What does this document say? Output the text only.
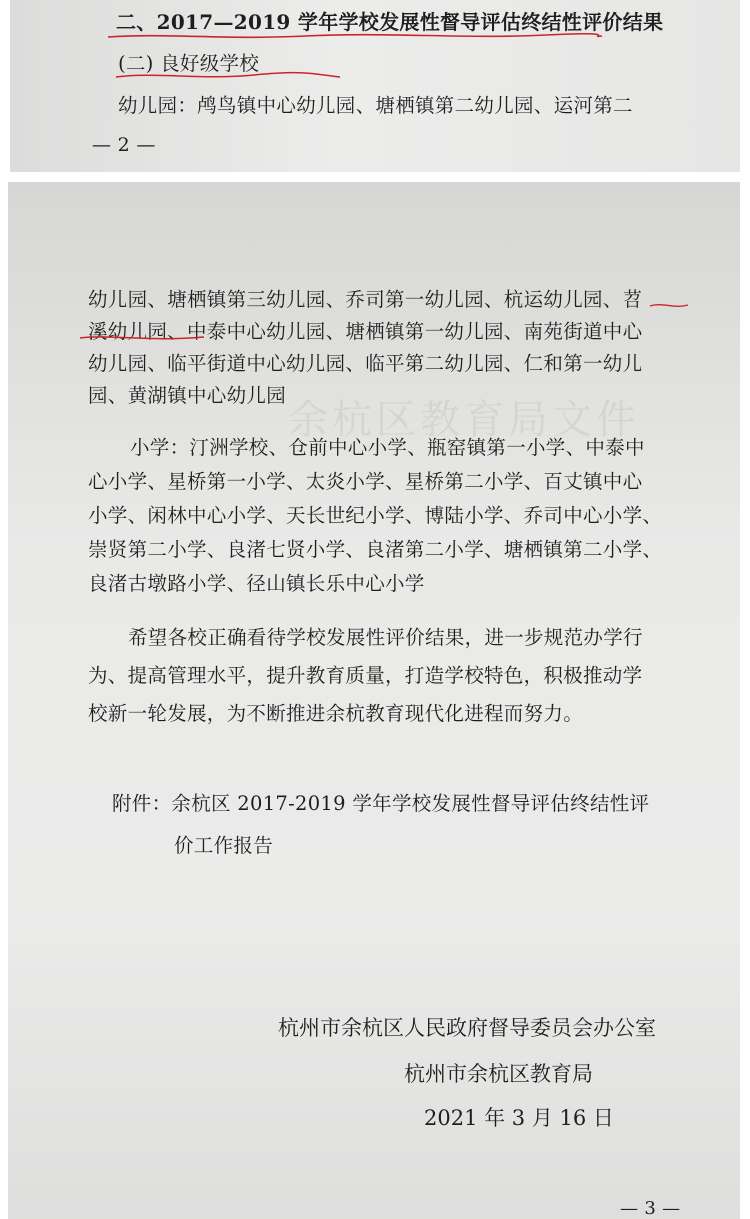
二、2017—2019 学年学校发展性督导评估终结性评价结果
(二) 良好级学校
幼儿园：鸬鸟镇中心幼儿园、塘栖镇第二幼儿园、运河第二
— 2 —
余杭区教育局文件
幼儿园、塘栖镇第三幼儿园、乔司第一幼儿园、杭运幼儿园、苕
溪幼儿园、中泰中心幼儿园、塘栖镇第一幼儿园、南苑街道中心
幼儿园、临平街道中心幼儿园、临平第二幼儿园、仁和第一幼儿
园、黄湖镇中心幼儿园
小学：汀洲学校、仓前中心小学、瓶窑镇第一小学、中泰中
心小学、星桥第一小学、太炎小学、星桥第二小学、百丈镇中心
小学、闲林中心小学、天长世纪小学、博陆小学、乔司中心小学、
崇贤第二小学、良渚七贤小学、良渚第二小学、塘栖镇第二小学、
良渚古墩路小学、径山镇长乐中心小学
希望各校正确看待学校发展性评价结果，进一步规范办学行
为、提高管理水平，提升教育质量，打造学校特色，积极推动学
校新一轮发展，为不断推进余杭教育现代化进程而努力。
附件：余杭区 2017-2019 学年学校发展性督导评估终结性评
价工作报告
杭州市余杭区人民政府督导委员会办公室
杭州市余杭区教育局
2021 年 3 月 16 日
— 3 —
